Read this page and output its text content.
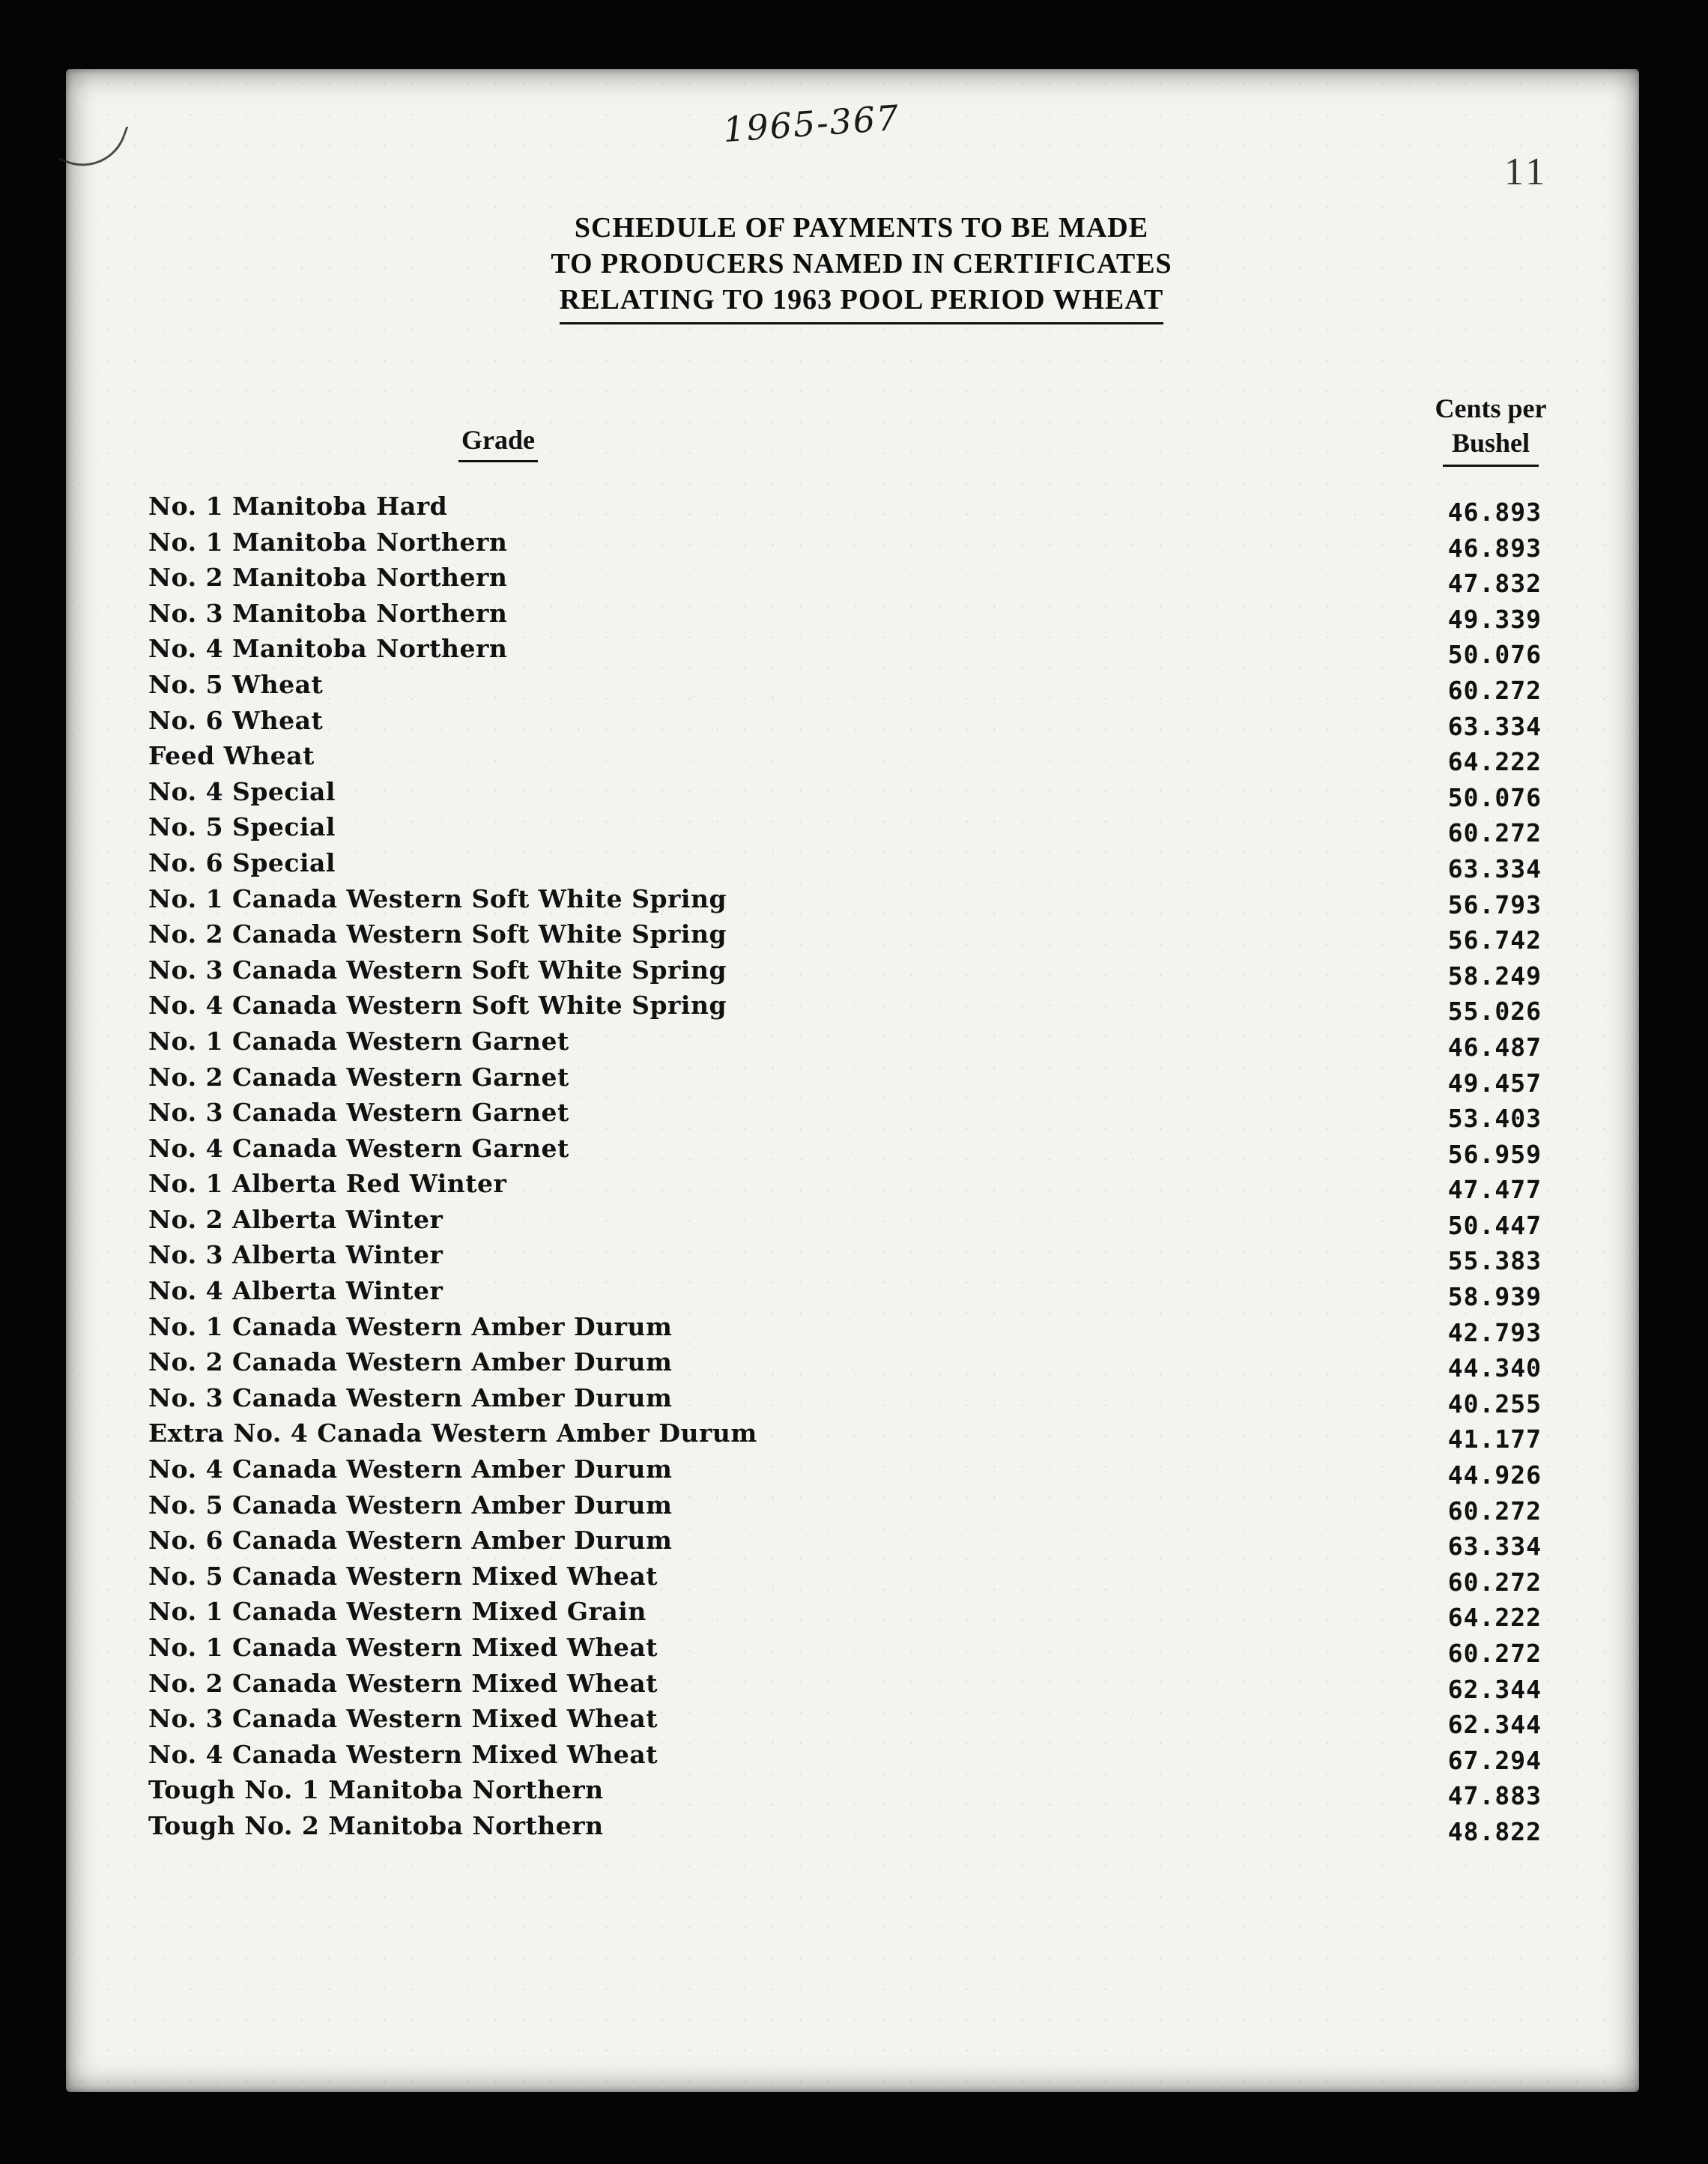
1965-367
11
SCHEDULE OF PAYMENTS TO BE MADE
TO PRODUCERS NAMED IN CERTIFICATES
RELATING TO 1963 POOL PERIOD WHEAT
Grade
Cents per
Bushel
No. 1 Manitoba Hard	46.893
No. 1 Manitoba Northern	46.893
No. 2 Manitoba Northern	47.832
No. 3 Manitoba Northern	49.339
No. 4 Manitoba Northern	50.076
No. 5 Wheat	60.272
No. 6 Wheat	63.334
Feed Wheat	64.222
No. 4 Special	50.076
No. 5 Special	60.272
No. 6 Special	63.334
No. 1 Canada Western Soft White Spring	56.793
No. 2 Canada Western Soft White Spring	56.742
No. 3 Canada Western Soft White Spring	58.249
No. 4 Canada Western Soft White Spring	55.026
No. 1 Canada Western Garnet	46.487
No. 2 Canada Western Garnet	49.457
No. 3 Canada Western Garnet	53.403
No. 4 Canada Western Garnet	56.959
No. 1 Alberta Red Winter	47.477
No. 2 Alberta Winter	50.447
No. 3 Alberta Winter	55.383
No. 4 Alberta Winter	58.939
No. 1 Canada Western Amber Durum	42.793
No. 2 Canada Western Amber Durum	44.340
No. 3 Canada Western Amber Durum	40.255
Extra No. 4 Canada Western Amber Durum	41.177
No. 4 Canada Western Amber Durum	44.926
No. 5 Canada Western Amber Durum	60.272
No. 6 Canada Western Amber Durum	63.334
No. 5 Canada Western Mixed Wheat	60.272
No. 1 Canada Western Mixed Grain	64.222
No. 1 Canada Western Mixed Wheat	60.272
No. 2 Canada Western Mixed Wheat	62.344
No. 3 Canada Western Mixed Wheat	62.344
No. 4 Canada Western Mixed Wheat	67.294
Tough No. 1 Manitoba Northern	47.883
Tough No. 2 Manitoba Northern	48.822
